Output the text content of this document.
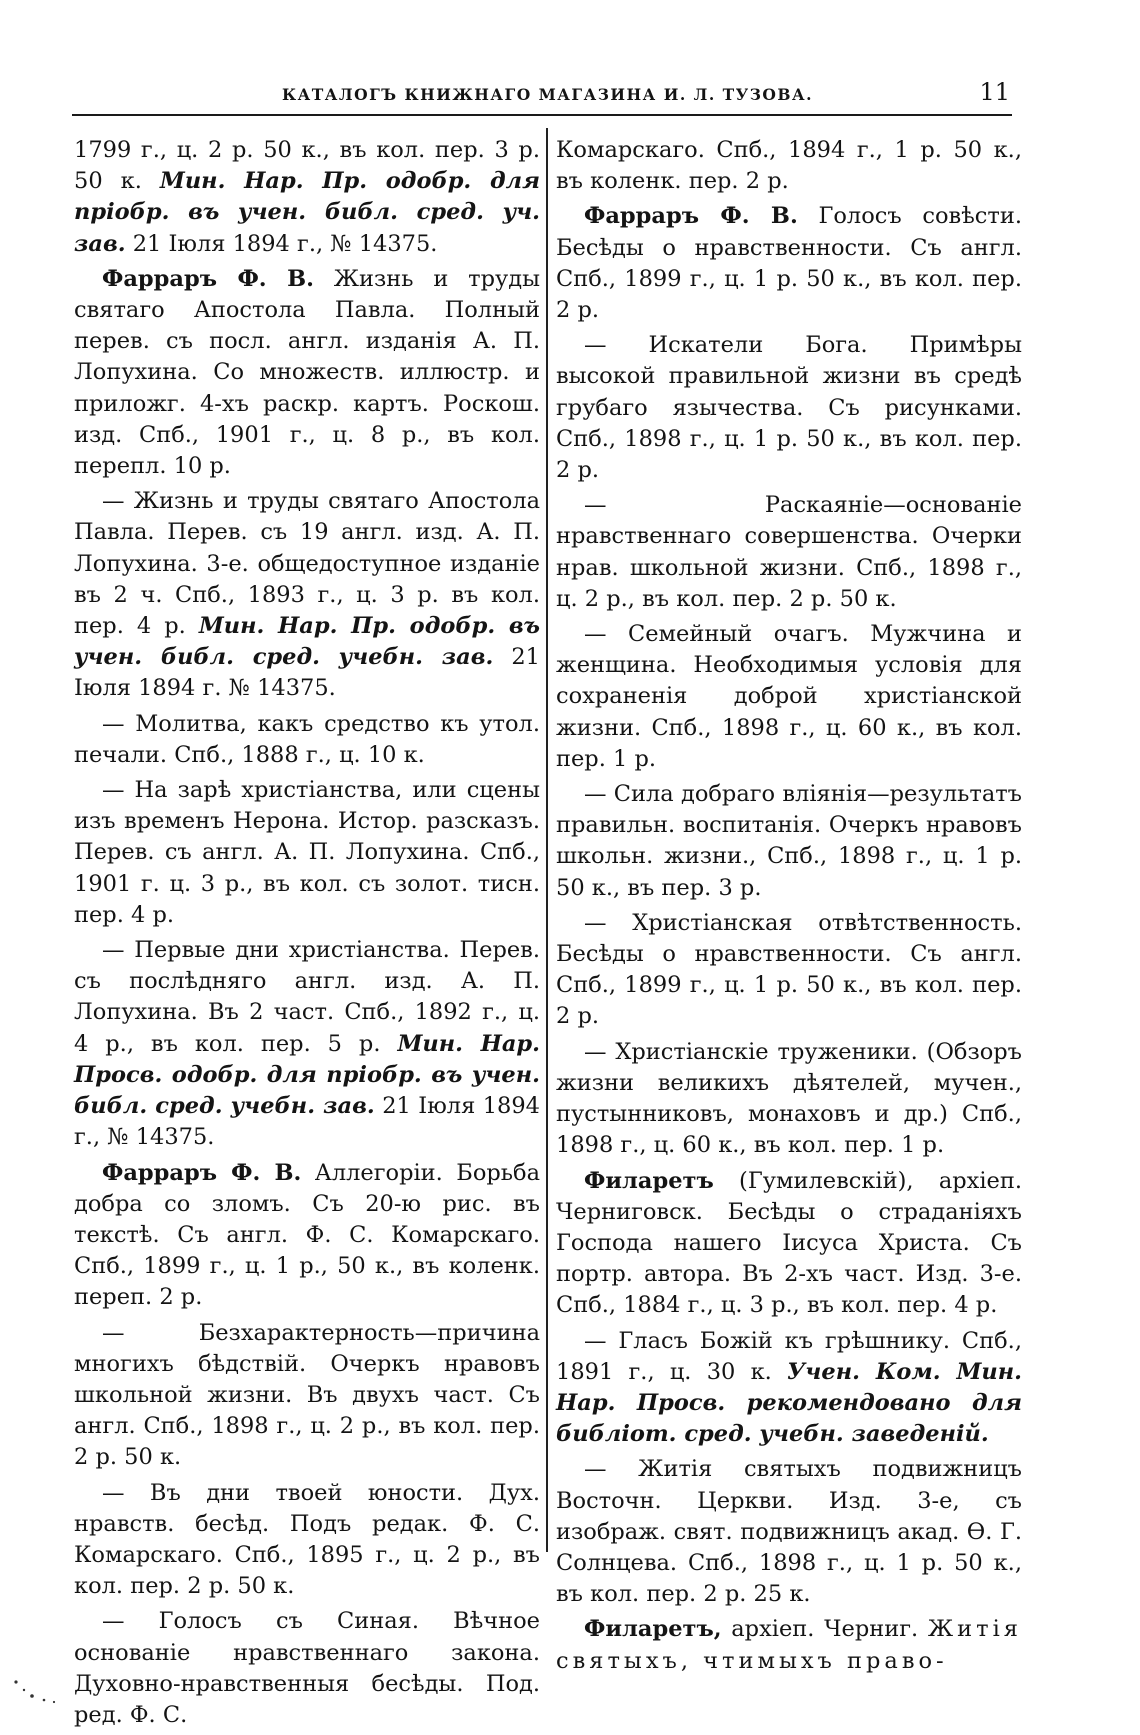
КАТАЛОГЪ КНИЖНАГО МАГАЗИНА И. Л. ТУЗОВА.	11

1799 г., ц. 2 р. 50 к., въ кол. пер. 3 р. 50 к. Мин. Нар. Пр. одобр. для пріобр. въ учен. библ. сред. уч. зав. 21 Іюля 1894 г., № 14375.

Фарраръ Ф. В. Жизнь и труды святаго Апостола Павла. Полный перев. съ посл. англ. изданія А. П. Лопухина. Со множеств. иллюстр. и приложг. 4-хъ раскр. картъ. Роскош. изд. Спб., 1901 г., ц. 8 р., въ кол. перепл. 10 р.

— Жизнь и труды святаго Апостола Павла. Перев. съ 19 англ. изд. А. П. Лопухина. 3-е. общедоступное изданіе въ 2 ч. Спб., 1893 г., ц. 3 р. въ кол. пер. 4 р. Мин. Нар. Пр. одобр. въ учен. библ. сред. учебн. зав. 21 Іюля 1894 г. № 14375.

— Молитва, какъ средство къ утол. печали. Спб., 1888 г., ц. 10 к.

— На зарѣ христіанства, или сцены изъ временъ Нерона. Истор. разсказъ. Перев. съ англ. А. П. Лопухина. Спб., 1901 г. ц. 3 р., въ кол. съ золот. тисн. пер. 4 р.

— Первые дни христіанства. Перев. съ послѣдняго англ. изд. А. П. Лопухина. Въ 2 част. Спб., 1892 г., ц. 4 р., въ кол. пер. 5 р. Мин. Нар. Просв. одобр. для пріобр. въ учен. библ. сред. учебн. зав. 21 Іюля 1894 г., № 14375.

Фарраръ Ф. В. Аллегоріи. Борьба добра со зломъ. Съ 20-ю рис. въ текстѣ. Съ англ. Ф. С. Комарскаго. Спб., 1899 г., ц. 1 р., 50 к., въ коленк. переп. 2 р.

— Безхарактерность—причина многихъ бѣдствій. Очеркъ нравовъ школьной жизни. Въ двухъ част. Съ англ. Спб., 1898 г., ц. 2 р., въ кол. пер. 2 р. 50 к.

— Въ дни твоей юности. Дух. нравств. бесѣд. Подъ редак. Ф. С. Комарскаго. Спб., 1895 г., ц. 2 р., въ кол. пер. 2 р. 50 к.

— Голосъ съ Синая. Вѣчное основаніе нравственнаго закона. Духовно-нравственныя бесѣды. Под. ред. Ф. С.

Комарскаго. Спб., 1894 г., 1 р. 50 к., въ коленк. пер. 2 р.

Фарраръ Ф. В. Голосъ совѣсти. Бесѣды о нравственности. Съ англ. Спб., 1899 г., ц. 1 р. 50 к., въ кол. пер. 2 р.

— Искатели Бога. Примѣры высокой правильной жизни въ средѣ грубаго язычества. Съ рисунками. Спб., 1898 г., ц. 1 р. 50 к., въ кол. пер. 2 р.

— Раскаяніе—основаніе нравственнаго совершенства. Очерки нрав. школьной жизни. Спб., 1898 г., ц. 2 р., въ кол. пер. 2 р. 50 к.

— Семейный очагъ. Мужчина и женщина. Необходимыя условія для сохраненія доброй христіанской жизни. Спб., 1898 г., ц. 60 к., въ кол. пер. 1 р.

— Сила добраго вліянія—результатъ правильн. воспитанія. Очеркъ нравовъ школьн. жизни., Спб., 1898 г., ц. 1 р. 50 к., въ пер. 3 р.

— Христіанская отвѣтственность. Бесѣды о нравственности. Съ англ. Спб., 1899 г., ц. 1 р. 50 к., въ кол. пер. 2 р.

— Христіанскіе труженики. (Обзоръ жизни великихъ дѣятелей, мучен., пустынниковъ, монаховъ и др.) Спб., 1898 г., ц. 60 к., въ кол. пер. 1 р.

Филаретъ (Гумилевскій), архіеп. Черниговск. Бесѣды о страданіяхъ Господа нашего Іисуса Христа. Съ портр. автора. Въ 2-хъ част. Изд. 3-е. Спб., 1884 г., ц. 3 р., въ кол. пер. 4 р.

— Гласъ Божій къ грѣшнику. Спб., 1891 г., ц. 30 к. Учен. Ком. Мин. Нар. Просв. рекомендовано для библіот. сред. учебн. заведеній.

— Житія святыхъ подвижницъ Восточн. Церкви. Изд. 3-е, съ изображ. свят. подвижницъ акад. Ѳ. Г. Солнцева. Спб., 1898 г., ц. 1 р. 50 к., въ кол. пер. 2 р. 25 к.

Филаретъ, архіеп. Черниг. Житія святыхъ, чтимыхъ право-
